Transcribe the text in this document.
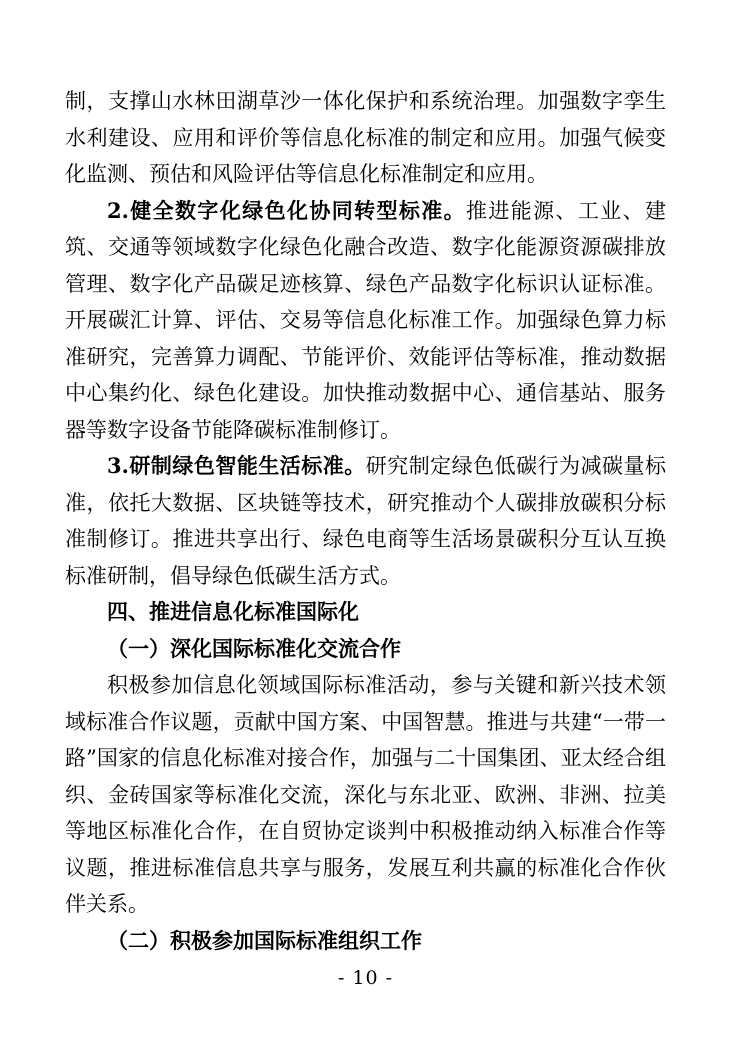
制，支撑山水林田湖草沙一体化保护和系统治理。加强数字孪生水利建设、应用和评价等信息化标准的制定和应用。加强气候变化监测、预估和风险评估等信息化标准制定和应用。

2.健全数字化绿色化协同转型标准。推进能源、工业、建筑、交通等领域数字化绿色化融合改造、数字化能源资源碳排放管理、数字化产品碳足迹核算、绿色产品数字化标识认证标准。开展碳汇计算、评估、交易等信息化标准工作。加强绿色算力标准研究，完善算力调配、节能评价、效能评估等标准，推动数据中心集约化、绿色化建设。加快推动数据中心、通信基站、服务器等数字设备节能降碳标准制修订。

3.研制绿色智能生活标准。研究制定绿色低碳行为减碳量标准，依托大数据、区块链等技术，研究推动个人碳排放碳积分标准制修订。推进共享出行、绿色电商等生活场景碳积分互认互换标准研制，倡导绿色低碳生活方式。

四、推进信息化标准国际化
（一）深化国际标准化交流合作

积极参加信息化领域国际标准活动，参与关键和新兴技术领域标准合作议题，贡献中国方案、中国智慧。推进与共建“一带一路”国家的信息化标准对接合作，加强与二十国集团、亚太经合组织、金砖国家等标准化交流，深化与东北亚、欧洲、非洲、拉美等地区标准化合作，在自贸协定谈判中积极推动纳入标准合作等议题，推进标准信息共享与服务，发展互利共赢的标准化合作伙伴关系。

（二）积极参加国际标准组织工作
- 10 -
